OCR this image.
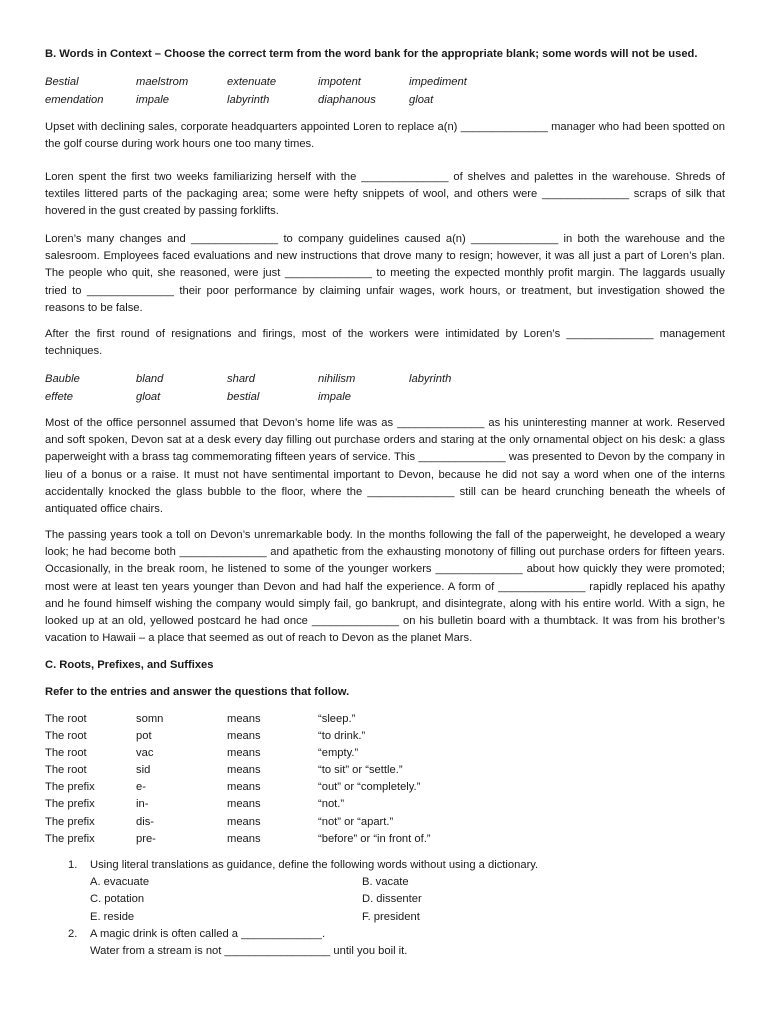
B. Words in Context – Choose the correct term from the word bank for the appropriate blank; some words will not be used.

Bestial	maelstrom	extenuate	impotent	impediment
emendation	impale	labyrinth	diaphanous	gloat

Upset with declining sales, corporate headquarters appointed Loren to replace a(n) ______________ manager who had been spotted on the golf course during work hours one too many times.

Loren spent the first two weeks familiarizing herself with the ______________ of shelves and palettes in the warehouse. Shreds of textiles littered parts of the packaging area; some were hefty snippets of wool, and others were ______________ scraps of silk that hovered in the gust created by passing forklifts.

Loren’s many changes and ______________ to company guidelines caused a(n) ______________ in both the warehouse and the salesroom. Employees faced evaluations and new instructions that drove many to resign; however, it was all just a part of Loren’s plan. The people who quit, she reasoned, were just ______________ to meeting the expected monthly profit margin. The laggards usually tried to ______________ their poor performance by claiming unfair wages, work hours, or treatment, but investigation showed the reasons to be false.

After the first round of resignations and firings, most of the workers were intimidated by Loren’s ______________ management techniques.

Bauble	bland	shard	nihilism	labyrinth
effete	gloat	bestial	impale

Most of the office personnel assumed that Devon’s home life was as ______________ as his uninteresting manner at work. Reserved and soft spoken, Devon sat at a desk every day filling out purchase orders and staring at the only ornamental object on his desk: a glass paperweight with a brass tag commemorating fifteen years of service. This ______________ was presented to Devon by the company in lieu of a bonus or a raise. It must not have sentimental important to Devon, because he did not say a word when one of the interns accidentally knocked the glass bubble to the floor, where the ______________ still can be heard crunching beneath the wheels of antiquated office chairs.

The passing years took a toll on Devon’s unremarkable body. In the months following the fall of the paperweight, he developed a weary look; he had become both ______________ and apathetic from the exhausting monotony of filling out purchase orders for fifteen years. Occasionally, in the break room, he listened to some of the younger workers ______________ about how quickly they were promoted; most were at least ten years younger than Devon and had half the experience. A form of ______________ rapidly replaced his apathy and he found himself wishing the company would simply fail, go bankrupt, and disintegrate, along with his entire world. With a sign, he looked up at an old, yellowed postcard he had once ______________ on his bulletin board with a thumbtack. It was from his brother’s vacation to Hawaii – a place that seemed as out of reach to Devon as the planet Mars.

C. Roots, Prefixes, and Suffixes

Refer to the entries and answer the questions that follow.

The root	somn	means	“sleep.”
The root	pot	means	“to drink.”
The root	vac	means	“empty.”
The root	sid	means	“to sit” or “settle.”
The prefix	e-	means	“out” or “completely.”
The prefix	in-	means	“not.”
The prefix	dis-	means	“not” or “apart.”
The prefix	pre-	means	“before” or “in front of.”
1.	Using literal translations as guidance, define the following words without using a dictionary.
A. evacuate	B. vacate
C. potation	D. dissenter
E. reside	F. president
2.	A magic drink is often called a _____________.
Water from a stream is not _________________ until you boil it.
